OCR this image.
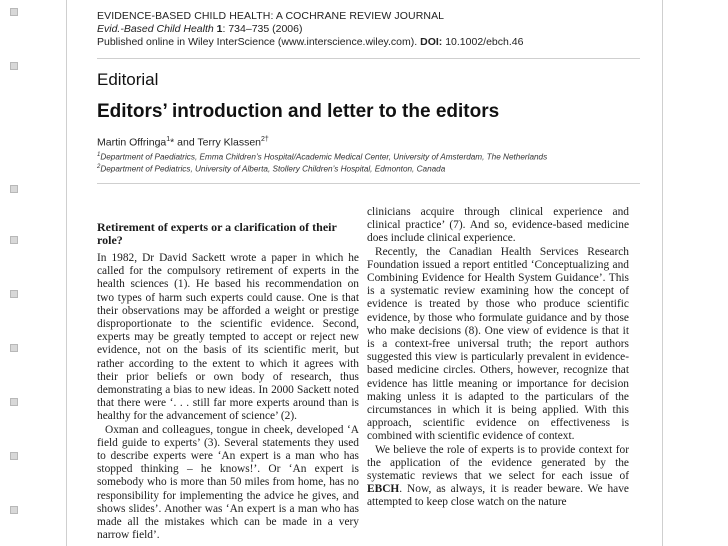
EVIDENCE-BASED CHILD HEALTH: A COCHRANE REVIEW JOURNAL
Evid.-Based Child Health 1: 734–735 (2006)
Published online in Wiley InterScience (www.interscience.wiley.com). DOI: 10.1002/ebch.46
Editorial
Editors’ introduction and letter to the editors
Martin Offringa$^1$* and Terry Klassen$^{2\dagger}$
$^1$Department of Paediatrics, Emma Children’s Hospital/Academic Medical Center, University of Amsterdam, The Netherlands
$^2$Department of Pediatrics, University of Alberta, Stollery Children’s Hospital, Edmonton, Canada
Retirement of experts or a clarification of their role?

In 1982, Dr David Sackett wrote a paper in which he called for the compulsory retirement of experts in the health sciences (1). He based his recommendation on two types of harm such experts could cause. One is that their observations may be afforded a weight or prestige disproportionate to the scientific evidence. Second, experts may be greatly tempted to accept or reject new evidence, not on the basis of its scientific merit, but rather according to the extent to which it agrees with their prior beliefs or own body of research, thus demonstrating a bias to new ideas. In 2000 Sackett noted that there were ‘. . . still far more experts around than is healthy for the advancement of science’ (2).

Oxman and colleagues, tongue in cheek, developed ‘A field guide to experts’ (3). Several statements they used to describe experts were ‘An expert is a man who has stopped thinking – he knows!’. Or ‘An expert is somebody who is more than 50 miles from home, has no responsibility for implementing the advice he gives, and shows slides’. Another was ‘An expert is a man who has made all the mistakes which can be made in a very narrow field’.

clinicians acquire through clinical experience and clinical practice’ (7). And so, evidence-based medicine does include clinical experience.

Recently, the Canadian Health Services Research Foundation issued a report entitled ‘Conceptualizing and Combining Evidence for Health System Guidance’. This is a systematic review examining how the concept of evidence is treated by those who produce scientific evidence, by those who formulate guidance and by those who make decisions (8). One view of evidence is that it is a context-free universal truth; the report authors suggested this view is particularly prevalent in evidence-based medicine circles. Others, however, recognize that evidence has little meaning or importance for decision making unless it is adapted to the particulars of the circumstances in which it is being applied. With this approach, scientific evidence on effectiveness is combined with scientific evidence of context.

We believe the role of experts is to provide context for the application of the evidence generated by the systematic reviews that we select for each issue of EBCH. Now, as always, it is reader beware. We have attempted to keep close watch on the nature
